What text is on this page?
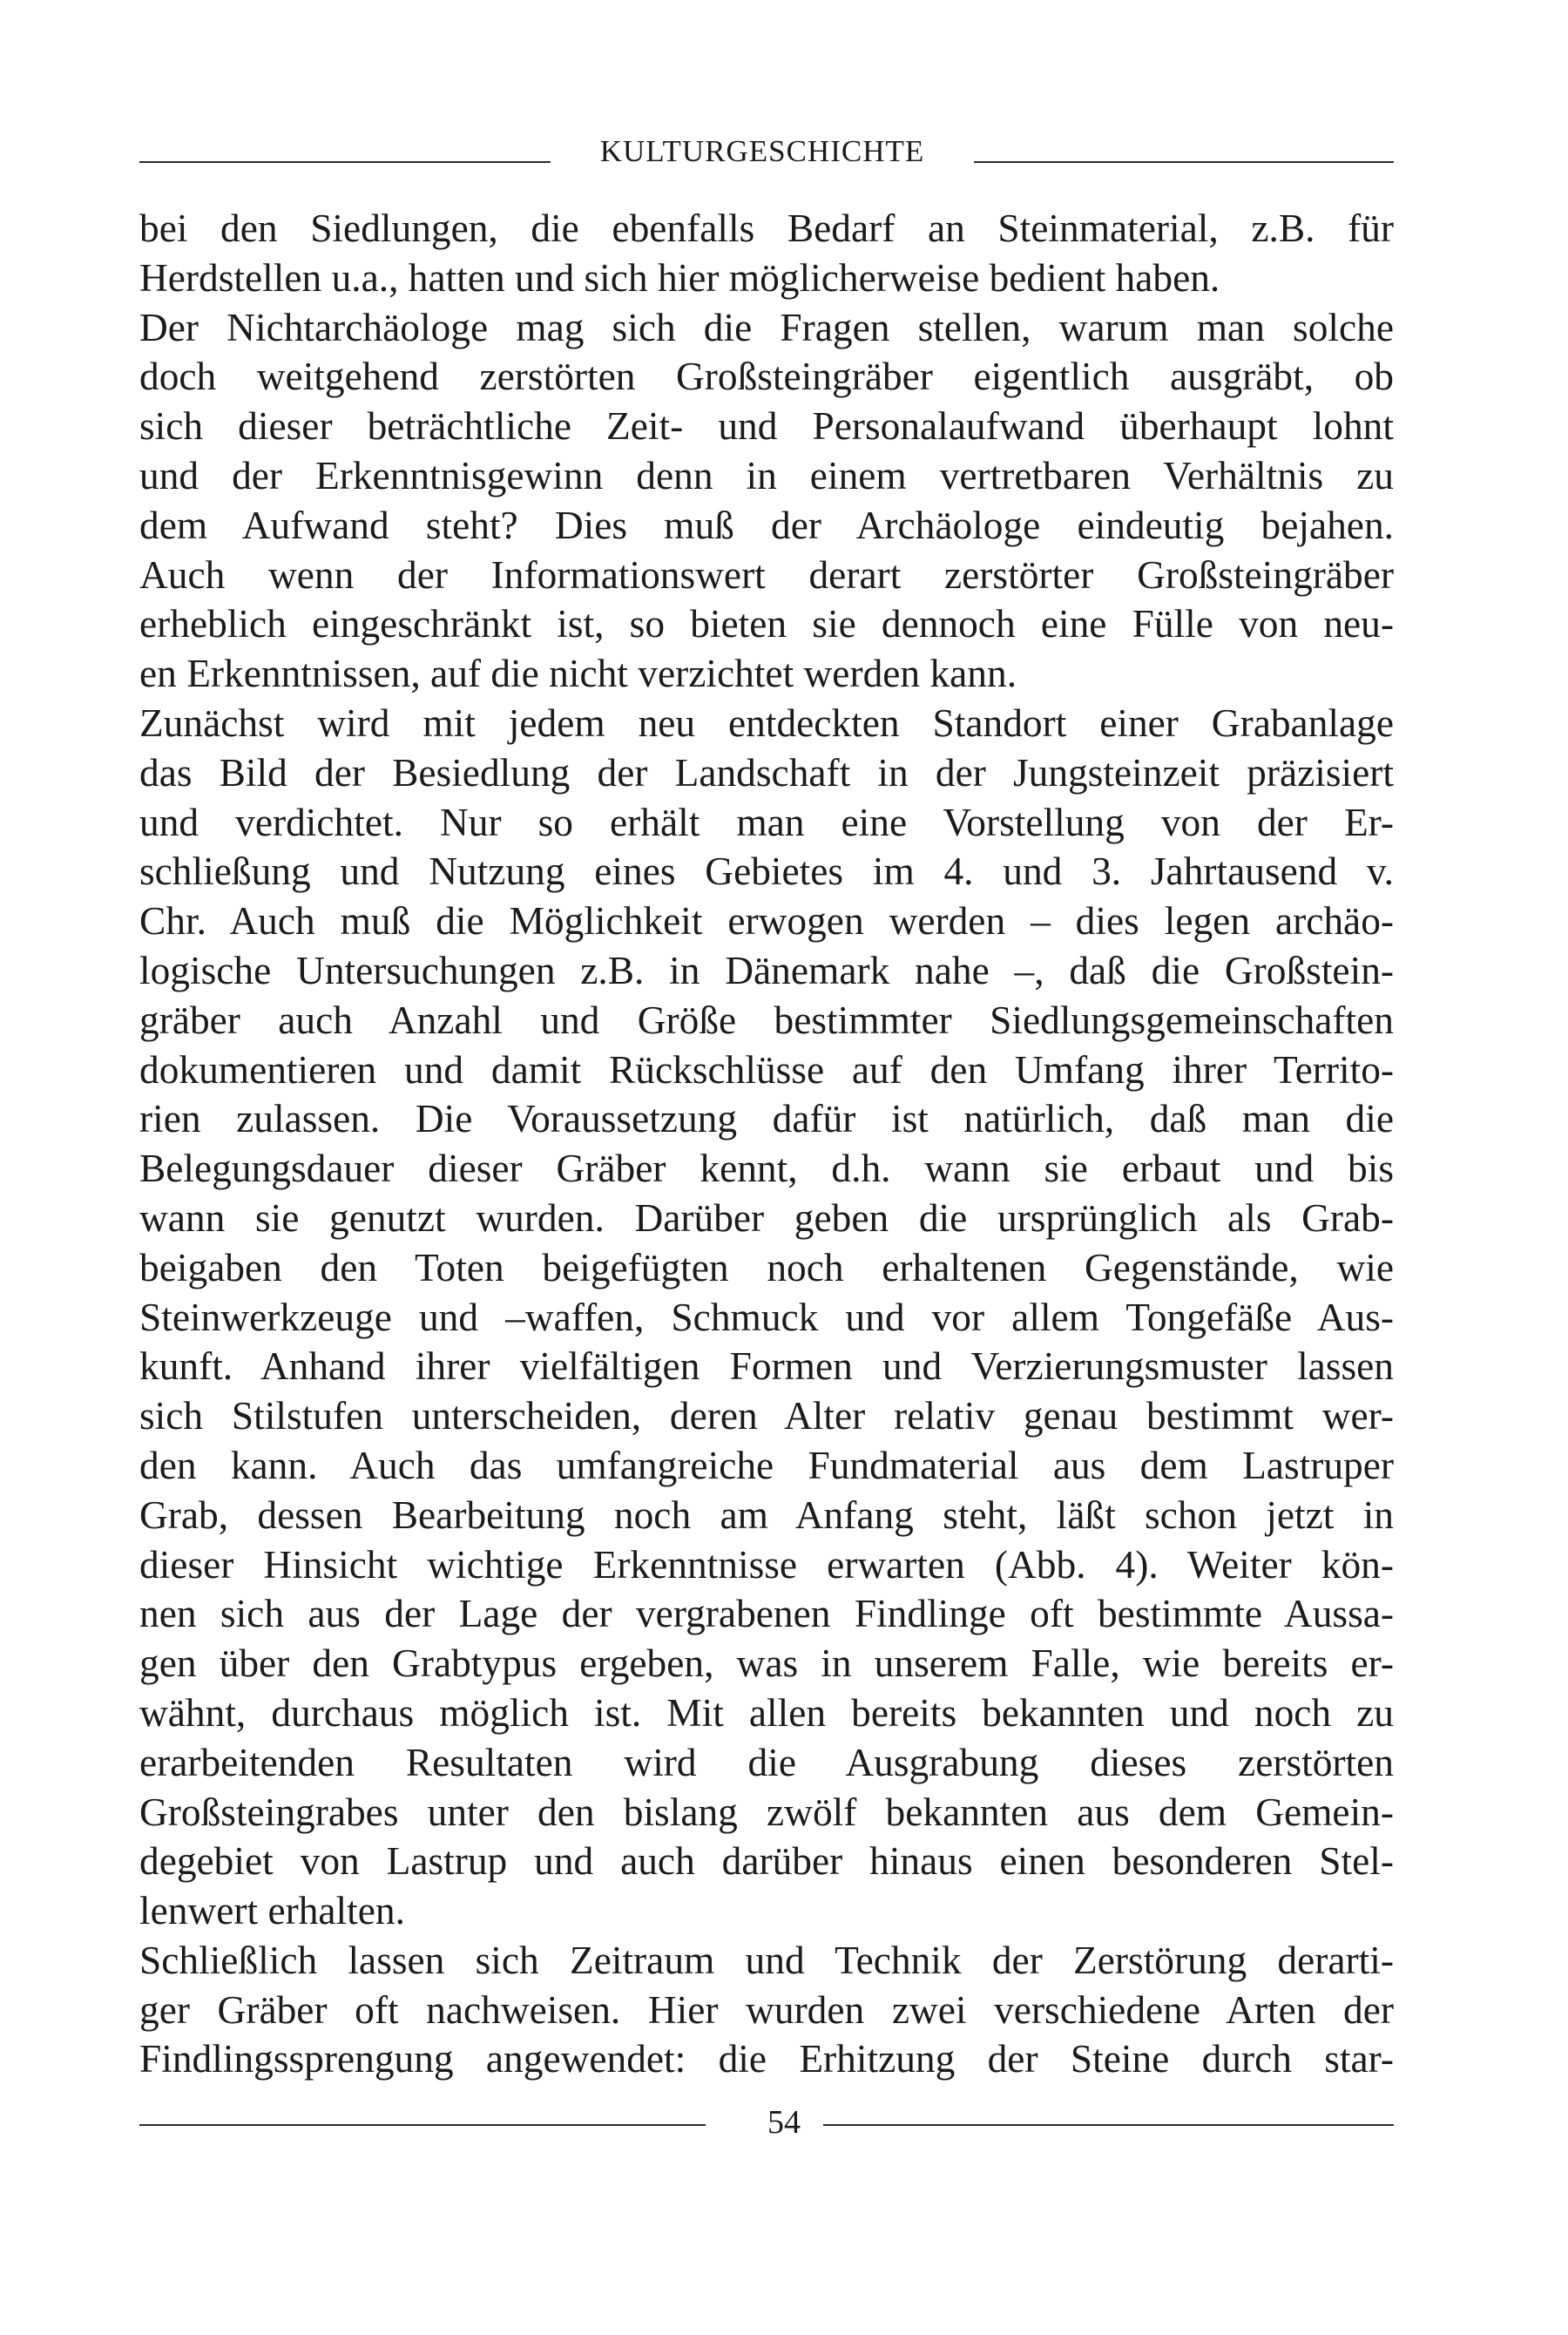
KULTURGESCHICHTE
bei den Siedlungen, die ebenfalls Bedarf an Steinmaterial, z.B. für
Herdstellen u.a., hatten und sich hier möglicherweise bedient haben.
Der Nichtarchäologe mag sich die Fragen stellen, warum man solche
doch weitgehend zerstörten Großsteingräber eigentlich ausgräbt, ob
sich dieser beträchtliche Zeit- und Personalaufwand überhaupt lohnt
und der Erkenntnisgewinn denn in einem vertretbaren Verhältnis zu
dem Aufwand steht? Dies muß der Archäologe eindeutig bejahen.
Auch wenn der Informationswert derart zerstörter Großsteingräber
erheblich eingeschränkt ist, so bieten sie dennoch eine Fülle von neu-
en Erkenntnissen, auf die nicht verzichtet werden kann.
Zunächst wird mit jedem neu entdeckten Standort einer Grabanlage
das Bild der Besiedlung der Landschaft in der Jungsteinzeit präzisiert
und verdichtet. Nur so erhält man eine Vorstellung von der Er-
schließung und Nutzung eines Gebietes im 4. und 3. Jahrtausend v.
Chr. Auch muß die Möglichkeit erwogen werden – dies legen archäo-
logische Untersuchungen z.B. in Dänemark nahe –, daß die Großstein-
gräber auch Anzahl und Größe bestimmter Siedlungsgemeinschaften
dokumentieren und damit Rückschlüsse auf den Umfang ihrer Territo-
rien zulassen. Die Voraussetzung dafür ist natürlich, daß man die
Belegungsdauer dieser Gräber kennt, d.h. wann sie erbaut und bis
wann sie genutzt wurden. Darüber geben die ursprünglich als Grab-
beigaben den Toten beigefügten noch erhaltenen Gegenstände, wie
Steinwerkzeuge und –waffen, Schmuck und vor allem Tongefäße Aus-
kunft. Anhand ihrer vielfältigen Formen und Verzierungsmuster lassen
sich Stilstufen unterscheiden, deren Alter relativ genau bestimmt wer-
den kann. Auch das umfangreiche Fundmaterial aus dem Lastruper
Grab, dessen Bearbeitung noch am Anfang steht, läßt schon jetzt in
dieser Hinsicht wichtige Erkenntnisse erwarten (Abb. 4). Weiter kön-
nen sich aus der Lage der vergrabenen Findlinge oft bestimmte Aussa-
gen über den Grabtypus ergeben, was in unserem Falle, wie bereits er-
wähnt, durchaus möglich ist. Mit allen bereits bekannten und noch zu
erarbeitenden Resultaten wird die Ausgrabung dieses zerstörten
Großsteingrabes unter den bislang zwölf bekannten aus dem Gemein-
degebiet von Lastrup und auch darüber hinaus einen besonderen Stel-
lenwert erhalten.
Schließlich lassen sich Zeitraum und Technik der Zerstörung derarti-
ger Gräber oft nachweisen. Hier wurden zwei verschiedene Arten der
Findlingssprengung angewendet: die Erhitzung der Steine durch star-
54
